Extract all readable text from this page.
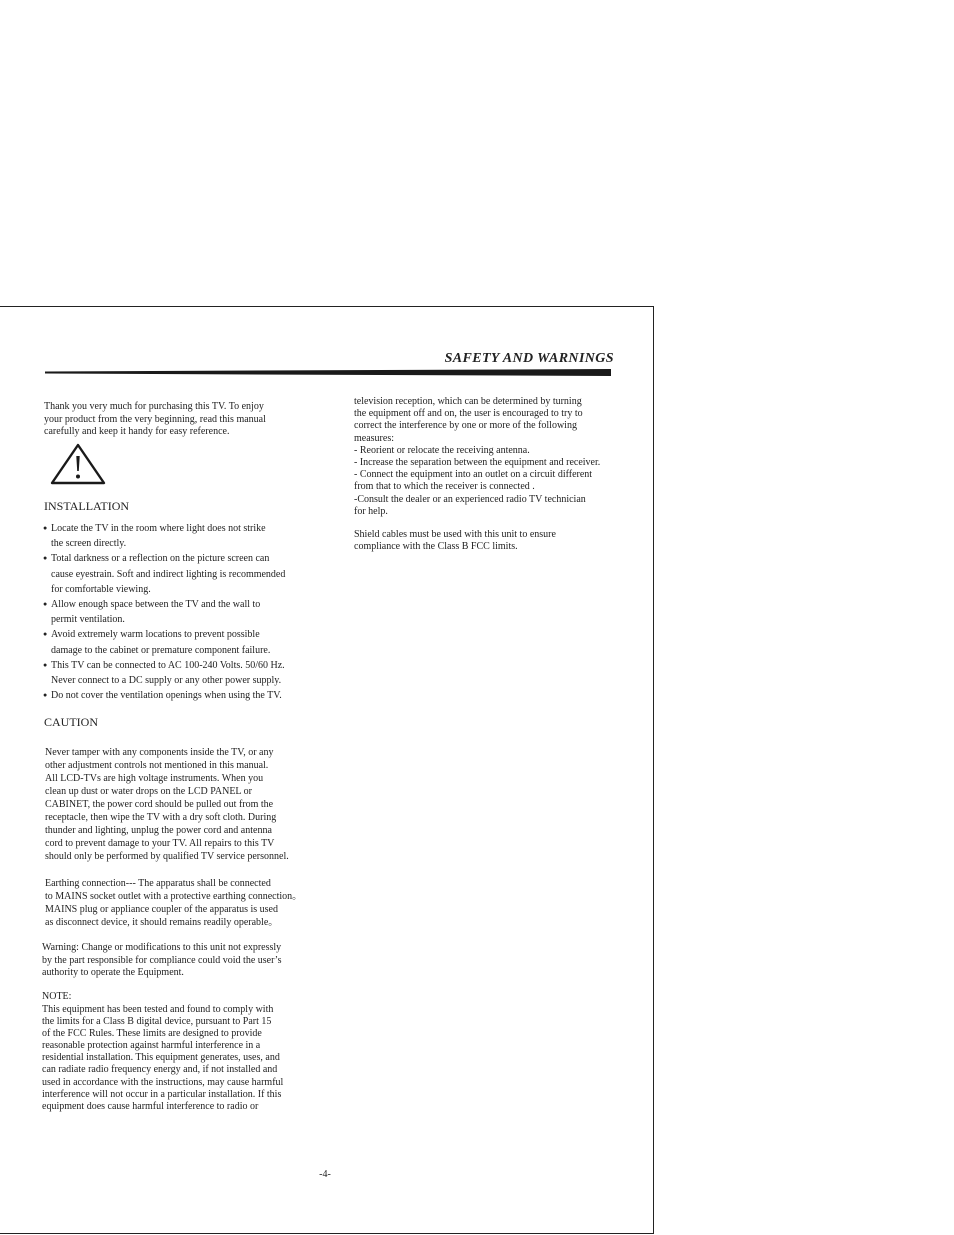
SAFETY AND WARNINGS

Thank you very much for purchasing this TV. To enjoy
your product from the very beginning, read this manual
carefully and keep it handy for easy reference.

INSTALLATION

● Locate the TV in the room where light does not strike
the screen directly.
● Total darkness or a reflection on the picture screen can
cause eyestrain. Soft and indirect lighting is recommended
for comfortable viewing.
● Allow enough space between the TV and the wall to
permit ventilation.
● Avoid extremely warm locations to prevent possible
damage to the cabinet or premature component failure.
● This TV can be connected to AC 100-240 Volts. 50/60 Hz.
Never connect to a DC supply or any other power supply.
● Do not cover the ventilation openings when using the TV.

CAUTION

Never tamper with any components inside the TV, or any
other adjustment controls not mentioned in this manual.
All LCD-TVs are high voltage instruments. When you
clean up dust or water drops on the LCD PANEL or
CABINET, the power cord should be pulled out from the
receptacle, then wipe the TV with a dry soft cloth. During
thunder and lighting, unplug the power cord and antenna
cord to prevent damage to your TV. All repairs to this TV
should only be performed by qualified TV service personnel.

Earthing connection--- The apparatus shall be connected
to MAINS socket outlet with a protective earthing connection。
MAINS plug or appliance coupler of the apparatus is used
as disconnect device, it should remains readily operable。

Warning: Change or modifications to this unit not expressly
by the part responsible for compliance could void the user’s
authority to operate the Equipment.

NOTE:

This equipment has been tested and found to comply with
the limits for a Class B digital device, pursuant to Part 15
of the FCC Rules. These limits are designed to provide
reasonable protection against harmful interference in a
residential installation. This equipment generates, uses, and
can radiate radio frequency energy and, if not installed and
used in accordance with the instructions, may cause harmful
interference will not occur in a particular installation. If this
equipment does cause harmful interference to radio or

television reception, which can be determined by turning
the equipment off and on, the user is encouraged to try to
correct the interference by one or more of the following
measures:
- Reorient or relocate the receiving antenna.
- Increase the separation between the equipment and receiver.
- Connect the equipment into an outlet on a circuit different
from that to which the receiver is connected .
-Consult the dealer or an experienced radio TV technician
for help.

Shield cables must be used with this unit to ensure
compliance with the Class B FCC limits.

-4-
